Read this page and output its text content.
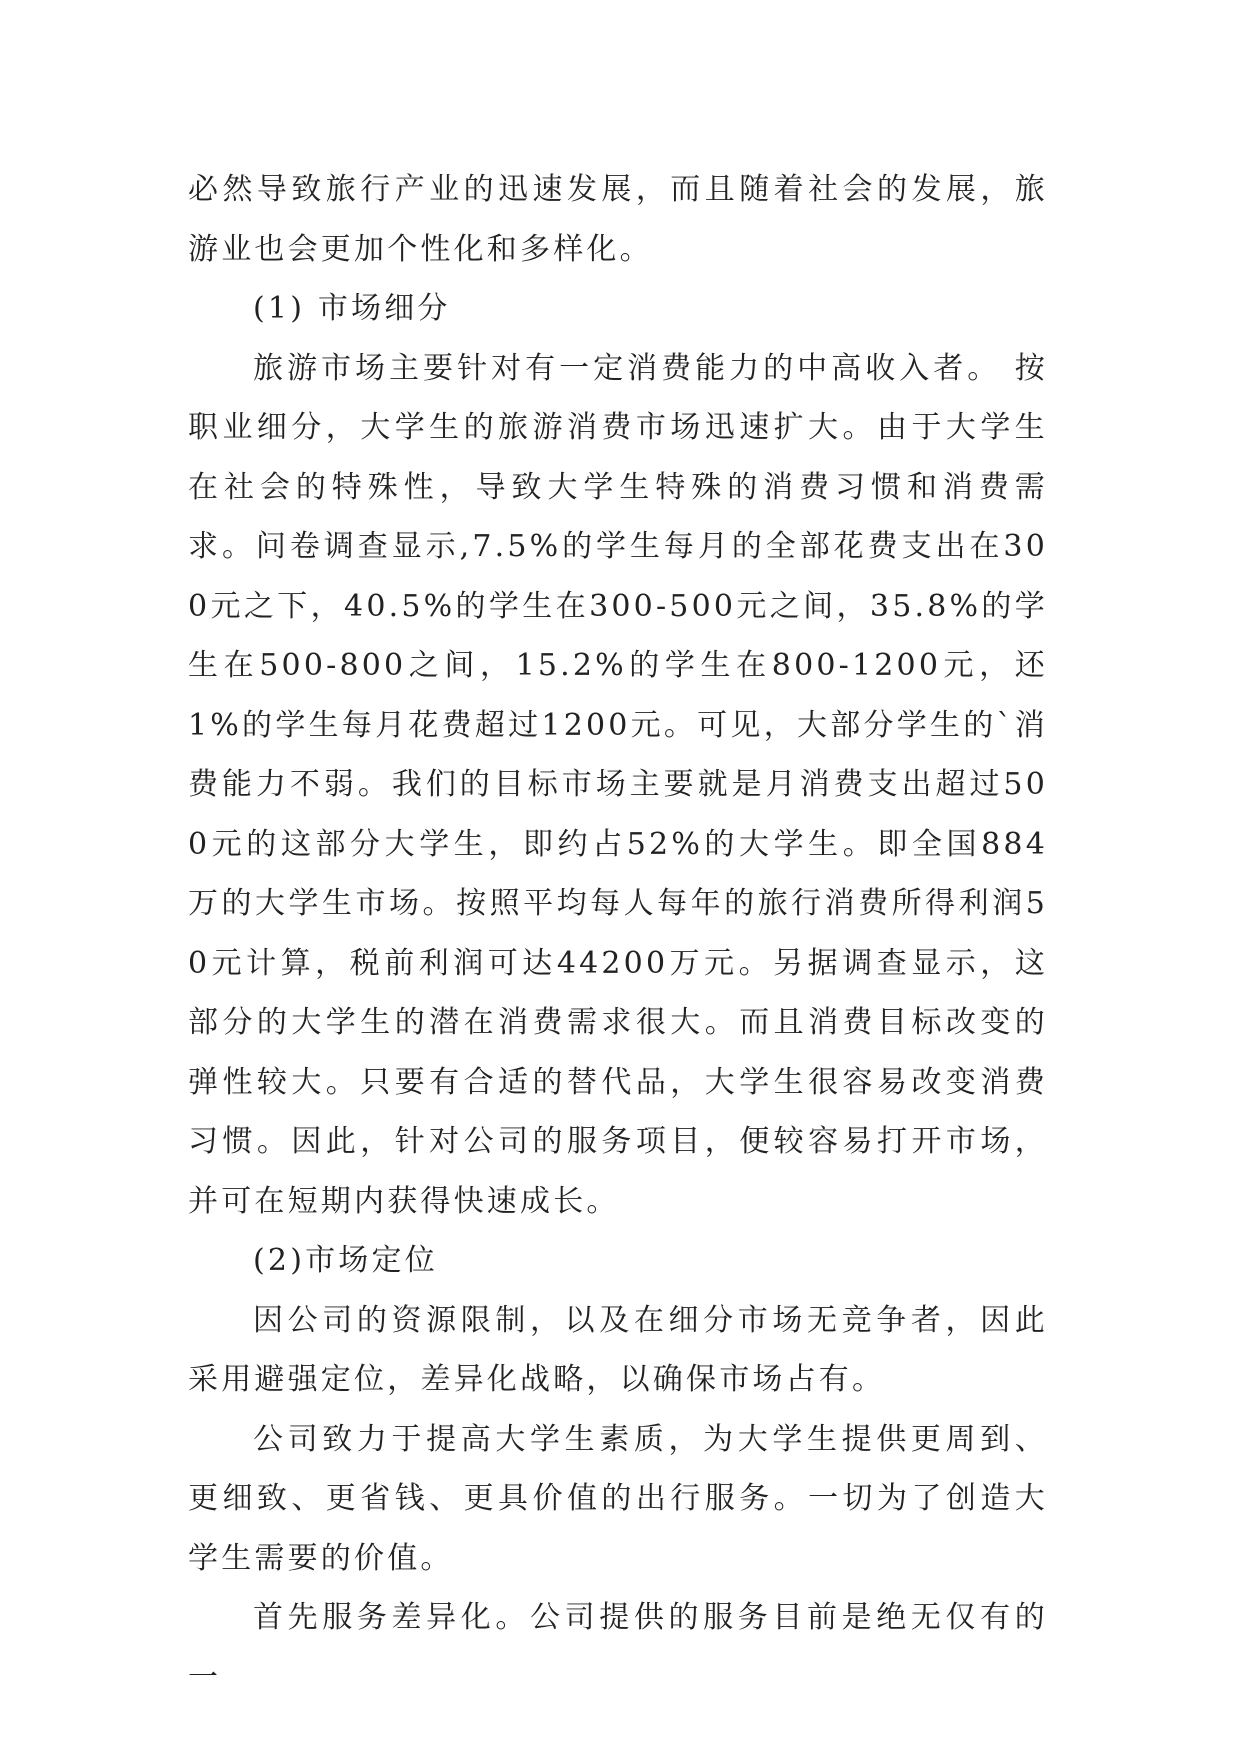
必然导致旅行产业的迅速发展，而且随着社会的发展，旅游业也会更加个性化和多样化。

(1) 市场细分

旅游市场主要针对有一定消费能力的中高收入者。 按职业细分，大学生的旅游消费市场迅速扩大。由于大学生在社会的特殊性，导致大学生特殊的消费习惯和消费需求。问卷调查显示,7.5%的学生每月的全部花费支出在300元之下，40.5%的学生在300-500元之间，35.8%的学生在500-800之间，15.2%的学生在800-1200元，还1%的学生每月花费超过1200元。可见，大部分学生的`消费能力不弱。我们的目标市场主要就是月消费支出超过500元的这部分大学生，即约占52%的大学生。即全国884万的大学生市场。按照平均每人每年的旅行消费所得利润50元计算，税前利润可达44200万元。另据调查显示，这部分的大学生的潜在消费需求很大。而且消费目标改变的弹性较大。只要有合适的替代品，大学生很容易改变消费习惯。因此，针对公司的服务项目，便较容易打开市场，并可在短期内获得快速成长。

(2)市场定位

因公司的资源限制，以及在细分市场无竞争者，因此采用避强定位，差异化战略，以确保市场占有。

公司致力于提高大学生素质，为大学生提供更周到、更细致、更省钱、更具价值的出行服务。一切为了创造大学生需要的价值。

首先服务差异化。公司提供的服务目前是绝无仅有的一
